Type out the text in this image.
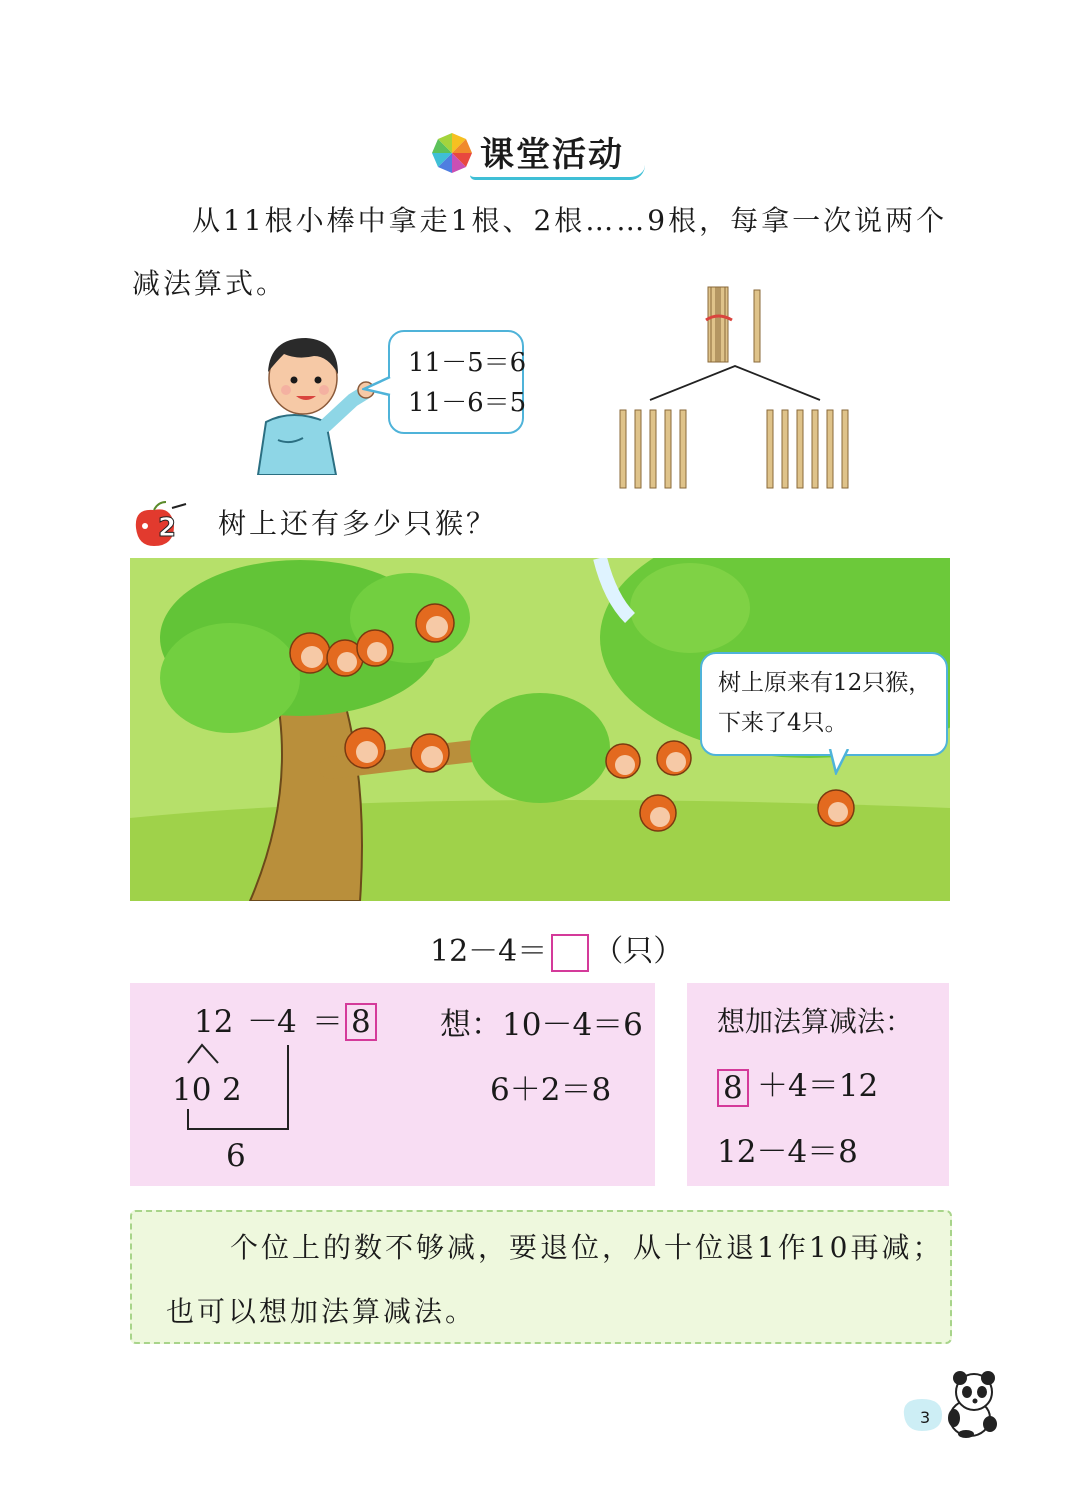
课堂活动
从11根小棒中拿走1根、2根……9根，每拿一次说两个
减法算式。
11－5＝6
11－6＝5
2 树上还有多少只猴？
树上原来有12只猴，
下来了4只。
12－4＝ （只）
12 － 4 ＝ 8
10 2
6
想：10－4＝6
6＋2＝8
想加法算减法：
8 ＋4＝12
12－4＝8
个位上的数不够减，要退位，从十位退1作10再减；
也可以想加法算减法。
3
